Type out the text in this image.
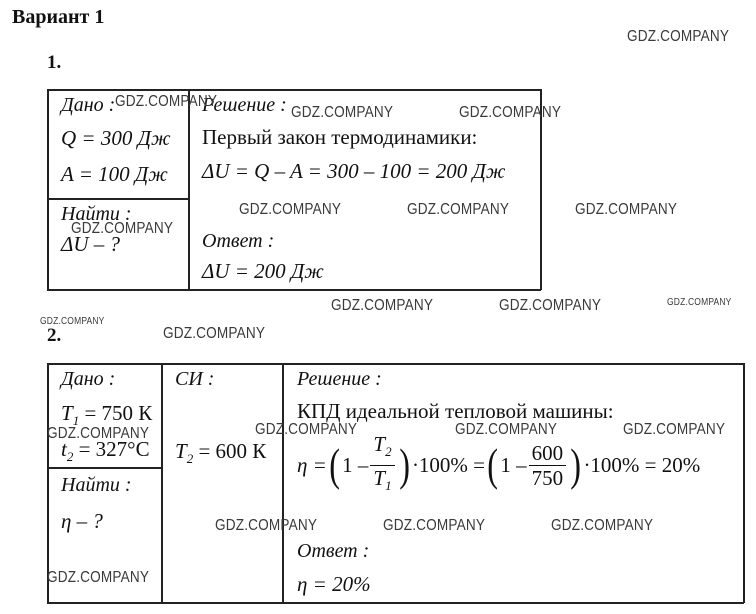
Вариант 1
1.
Дано :
Q = 300 Дж
A = 100 Дж
Найти :
ΔU – ?
Решение :
Первый закон термодинамики:
ΔU = Q – A = 300 – 100 = 200 Дж
Ответ :
ΔU = 200 Дж
2.
Дано :
$T_1 = 750$ К
$t_2 = 327^\circ C$
Найти :
η – ?
СИ :
$T_2 = 600$ К
Решение :
КПД идеальной тепловой машины:
η = ( $1 - \frac{T_2}{T_1}$ ) ·100% = ( $1 - \frac{600}{750}$ ) ·100% = 20%
Ответ :
η = 20%
GDZ.COMPANY
GDZ.COMPANY
GDZ.COMPANY	GDZ.COMPANY
GDZ.COMPANY	GDZ.COMPANY	GDZ.COMPANY
GDZ.COMPANY
GDZ.COMPANY	GDZ.COMPANY	GDZ.COMPANY
GDZ.COMPANY
GDZ.COMPANY
GDZ.COMPANY	GDZ.COMPANY	GDZ.COMPANY	GDZ.COMPANY
GDZ.COMPANY	GDZ.COMPANY	GDZ.COMPANY
GDZ.COMPANY
